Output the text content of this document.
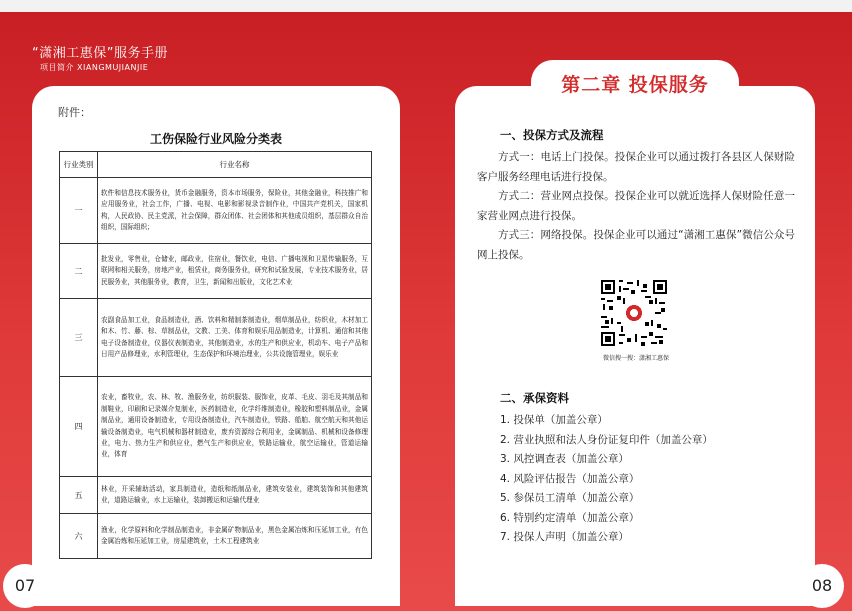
“潇湘工惠保”服务手册
项目简介 XIANGMUJIANJIE
附件：
工伤保险行业风险分类表
行业类别	行业名称
一	软件和信息技术服务业，货币金融服务，资本市场服务，保险业，其他金融业，科技推广和应用服务业，社会工作，广播、电视、电影和影视录音制作业，中国共产党机关，国家机构，人民政协、民主党派，社会保障，群众团体、社会团体和其他成员组织，基层群众自治组织，国际组织；
二	批发业，零售业，仓储业，邮政业，住宿业，餐饮业，电信、广播电视和卫星传输服务，互联网和相关服务，房地产业，租赁业，商务服务业，研究和试验发展，专业技术服务业，居民服务业，其他服务业，教育，卫生，新闻和出版业，文化艺术业
三	农副食品加工业，食品制造业，酒、饮料和精制茶制造业，烟草制品业，纺织业，木材加工和木、竹、藤、棕、草制品业，文教、工美、体育和娱乐用品制造业，计算机、通信和其他电子设备制造业，仪器仪表制造业，其他制造业，水的生产和供应业，机动车、电子产品和日用产品修理业，水利管理业，生态保护和环境治理业，公共设施管理业，娱乐业
四	农业，畜牧业，农、林、牧、渔服务业，纺织服装、服饰业，皮革、毛皮、羽毛及其制品和制鞋业，印刷和记录媒介复制业，医药制造业，化学纤维制造业，橡胶和塑料制品业，金属制品业，通用设备制造业，专用设备制造业，汽车制造业，铁路、船舶、航空航天和其他运输设备制造业，电气机械和器材制造业，废弃资源综合利用业，金属制品、机械和设备修理业，电力、热力生产和供应业，燃气生产和供应业，铁路运输业，航空运输业，管道运输业，体育
五	林业，开采辅助活动，家具制造业，造纸和纸制品业，建筑安装业，建筑装饰和其他建筑业，道路运输业，水上运输业，装卸搬运和运输代理业
六	渔业，化学原料和化学制品制造业，非金属矿物制品业，黑色金属冶炼和压延加工业，有色金属冶炼和压延加工业，房屋建筑业，土木工程建筑业
07
第二章 投保服务
一、投保方式及流程
方式一：电话上门投保。投保企业可以通过拨打各县区人保财险客户服务经理电话进行投保。
方式二：营业网点投保。投保企业可以就近选择人保财险任意一家营业网点进行投保。
方式三：网络投保。投保企业可以通过“潇湘工惠保”微信公众号网上投保。
微信搜一搜：潇湘工惠保
二、承保资料
1. 投保单（加盖公章）
2. 营业执照和法人身份证复印件（加盖公章）
3. 风控调查表（加盖公章）
4. 风险评估报告（加盖公章）
5. 参保员工清单（加盖公章）
6. 特别约定清单（加盖公章）
7. 投保人声明（加盖公章）
08
